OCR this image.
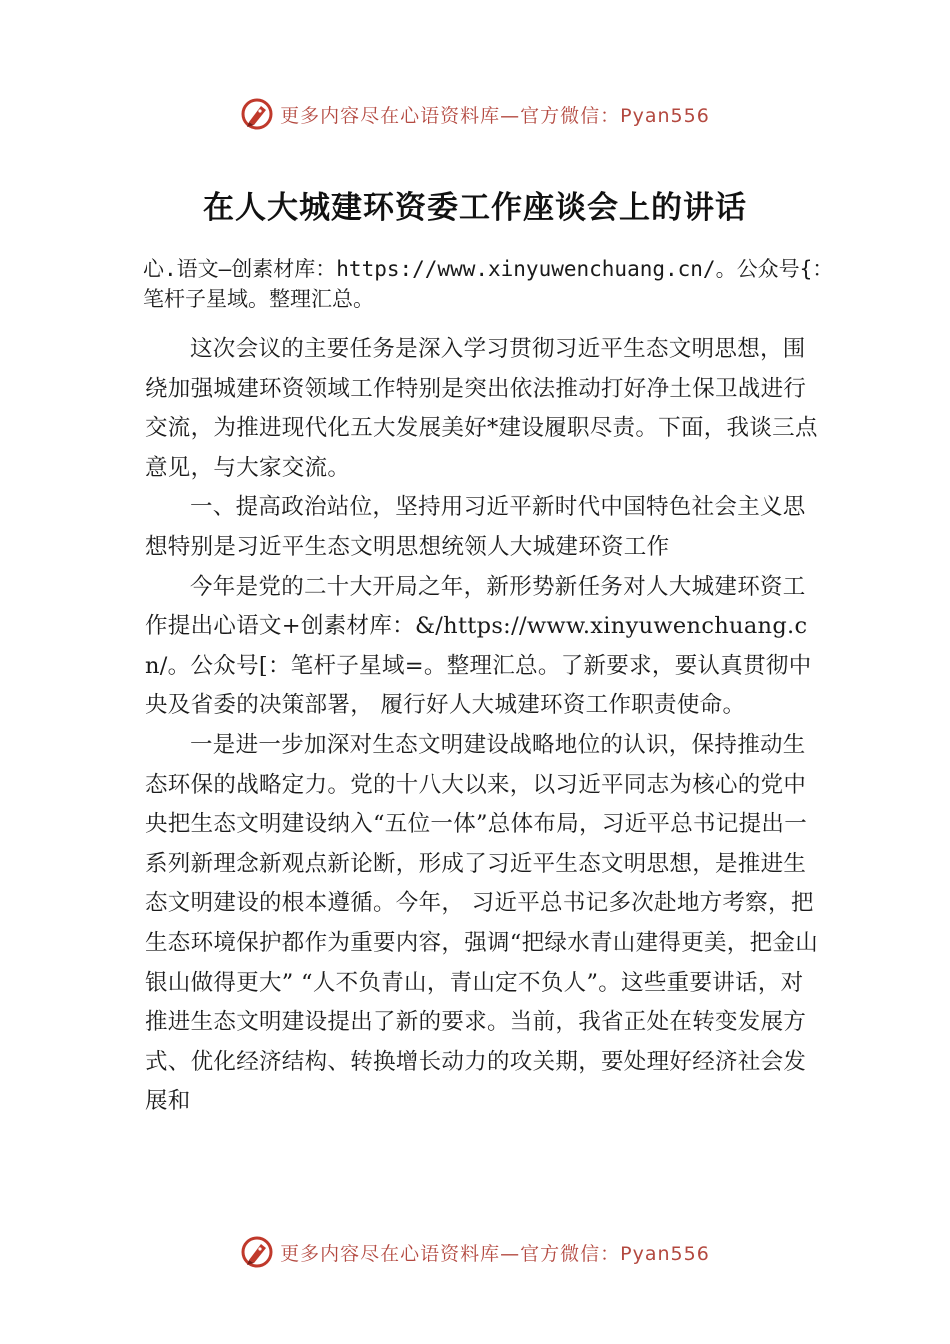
更多内容尽在心语资料库—官方微信：Pyan556
在人大城建环资委工作座谈会上的讲话

心.语文—创素材库：https://www.xinyuwenchuang.cn/。公众号{：笔杆子星域。整理汇总。

这次会议的主要任务是深入学习贯彻习近平生态文明思想，围绕加强城建环资领域工作特别是突出依法推动打好净土保卫战进行交流，为推进现代化五大发展美好*建设履职尽责。下面，我谈三点意见，与大家交流。

一、提高政治站位，坚持用习近平新时代中国特色社会主义思想特别是习近平生态文明思想统领人大城建环资工作

今年是党的二十大开局之年，新形势新任务对人大城建环资工作提出心语文+创素材库：&/https://www.xinyuwenchuang.cn/。公众号[：笔杆子星域=。整理汇总。了新要求，要认真贯彻中央及省委的决策部署， 履行好人大城建环资工作职责使命。

一是进一步加深对生态文明建设战略地位的认识，保持推动生态环保的战略定力。党的十八大以来，以习近平同志为核心的党中央把生态文明建设纳入“五位一体”总体布局，习近平总书记提出一系列新理念新观点新论断，形成了习近平生态文明思想，是推进生态文明建设的根本遵循。今年， 习近平总书记多次赴地方考察，把生态环境保护都作为重要内容，强调“把绿水青山建得更美，把金山银山做得更大” “人不负青山，青山定不负人”。这些重要讲话，对推进生态文明建设提出了新的要求。当前，我省正处在转变发展方式、优化经济结构、转换增长动力的攻关期，要处理好经济社会发展和

更多内容尽在心语资料库—官方微信：Pyan556
